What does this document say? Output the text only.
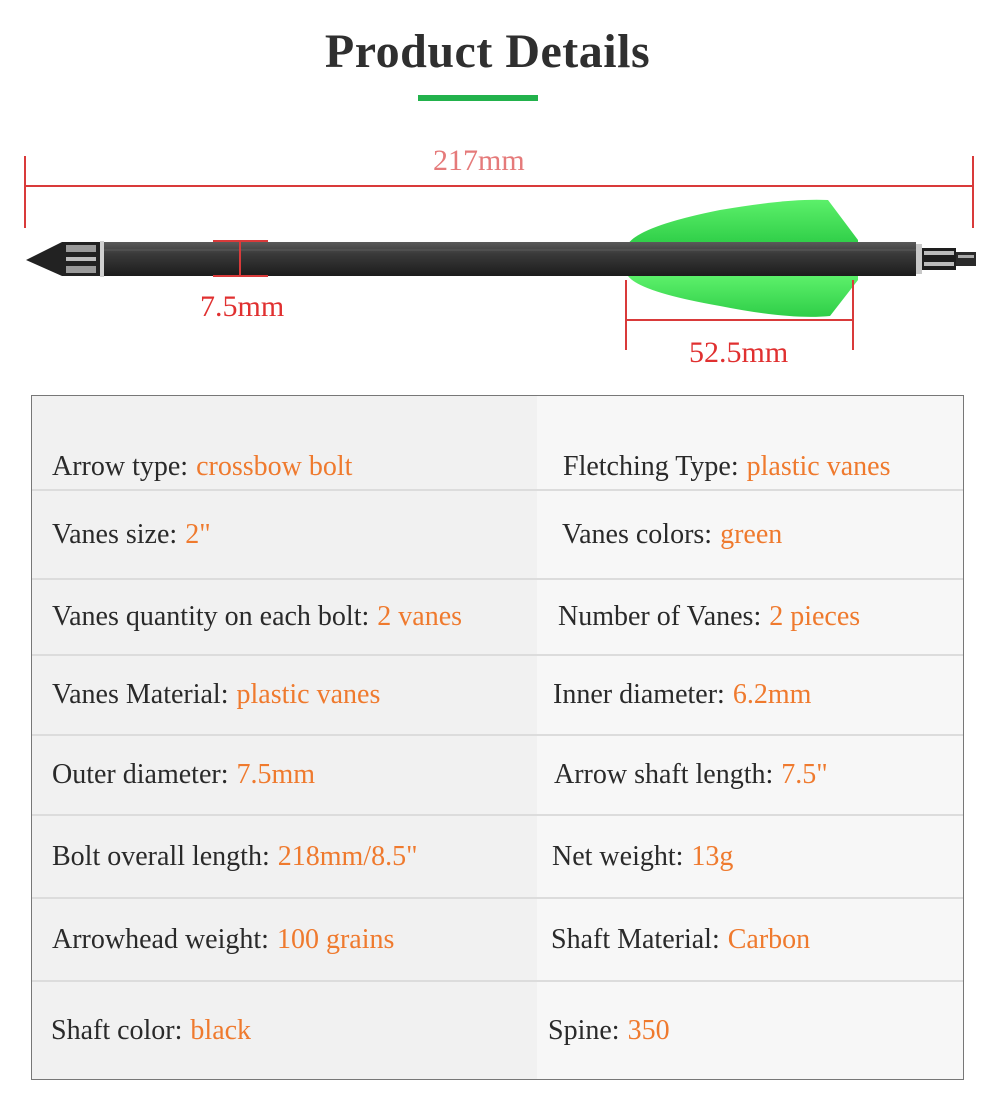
Product Details
217mm
7.5mm
52.5mm
Arrow type: crossbow bolt	Fletching Type: plastic vanes
Vanes size: 2"	Vanes colors: green
Vanes quantity on each bolt: 2 vanes	Number of Vanes: 2 pieces
Vanes Material: plastic vanes	Inner diameter: 6.2mm
Outer diameter: 7.5mm	Arrow shaft length: 7.5"
Bolt overall length: 218mm/8.5"	Net weight: 13g
Arrowhead weight: 100 grains	Shaft Material: Carbon
Shaft color: black	Spine: 350
